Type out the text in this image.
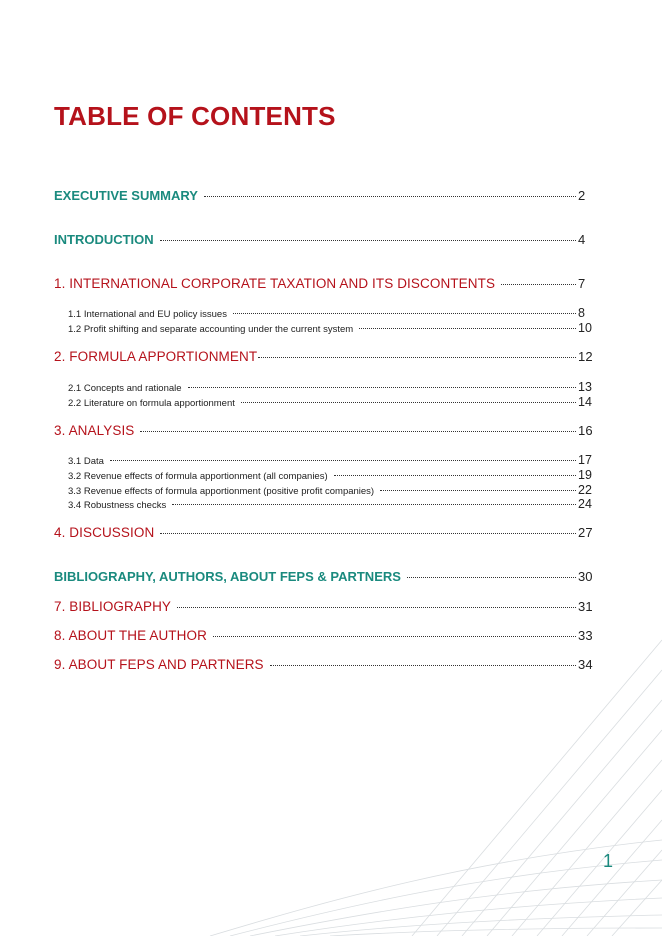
TABLE OF CONTENTS
EXECUTIVE SUMMARY	2
INTRODUCTION	4
1. INTERNATIONAL CORPORATE TAXATION AND ITS DISCONTENTS	7
1.1 International and EU policy issues	8
1.2 Profit shifting and separate accounting under the current system	10
2. FORMULA APPORTIONMENT	12
2.1 Concepts and rationale	13
2.2 Literature on formula apportionment	14
3. ANALYSIS	16
3.1 Data	17
3.2 Revenue effects of formula apportionment (all companies)	19
3.3 Revenue effects of formula apportionment (positive profit companies)	22
3.4 Robustness checks	24
4. DISCUSSION	27
BIBLIOGRAPHY, AUTHORS, ABOUT FEPS & PARTNERS	30
7. BIBLIOGRAPHY	31
8. ABOUT THE AUTHOR	33
9. ABOUT FEPS AND PARTNERS	34
1
